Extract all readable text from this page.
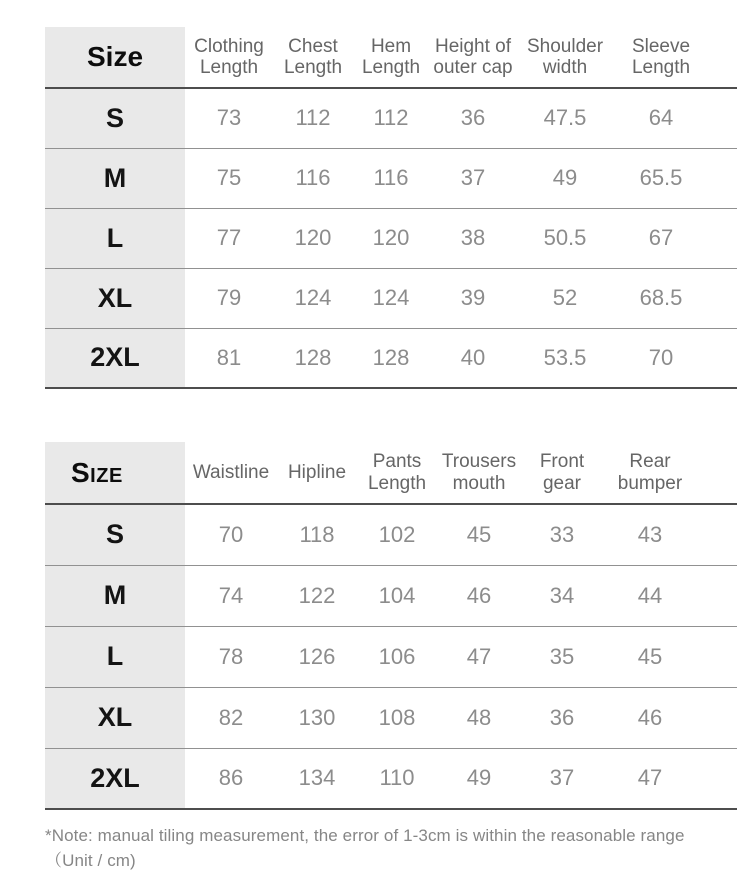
Size	Clothing Length	Chest Length	Hem Length	Height of outer cap	Shoulder width	Sleeve Length
S	73	112	112	36	47.5	64
M	75	116	116	37	49	65.5
L	77	120	120	38	50.5	67
XL	79	124	124	39	52	68.5
2XL	81	128	128	40	53.5	70
Size	Waistline	Hipline	Pants Length	Trousers mouth	Front gear	Rear bumper
S	70	118	102	45	33	43
M	74	122	104	46	34	44
L	78	126	106	47	35	45
XL	82	130	108	48	36	46
2XL	86	134	110	49	37	47
*Note: manual tiling measurement, the error of 1-3cm is within the reasonable range （Unit / cm)
